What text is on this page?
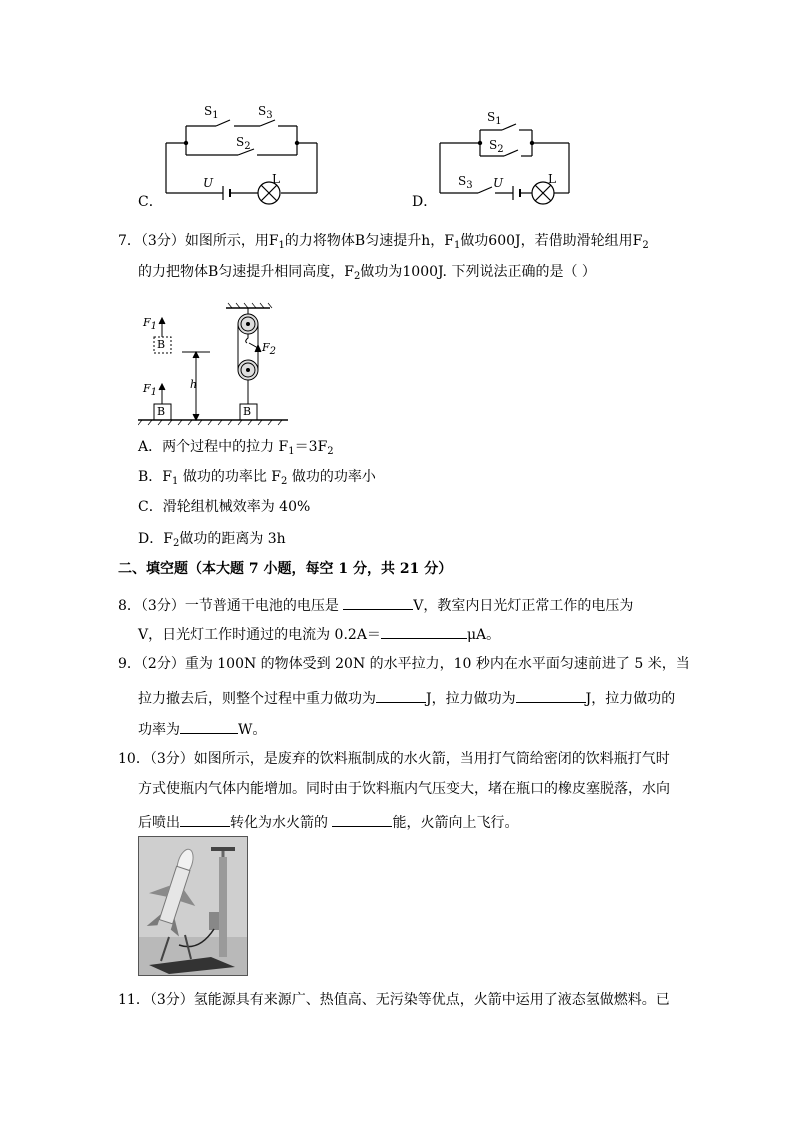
$S_1$	$S_3$
$S_2$
U	L
C．
$S_1$
$S_2$
$S_3$ U	L
D．
7．（3分）如图所示，用$F_1$的力将物体B匀速提升h，$F_1$做功600J，若借助滑轮组用$F_2$
的力把物体B匀速提升相同高度，$F_2$做功为1000J. 下列说法正确的是（ ）
$F_1$
B
$F_1$
B
h
$F_2$
B
A．两个过程中的拉力 $F_1=3F_2$
B．$F_1$ 做功的功率比 $F_2$ 做功的功率小
C．滑轮组机械效率为 40%
D．$F_2$做功的距离为 3h
二、填空题（本大题 7 小题，每空 1 分，共 21 分）
8．（3分）一节普通干电池的电压是	V，教室内日光灯正常工作的电压为
V，日光灯工作时通过的电流为 0.2A＝	μA。
9．（2分）重为 100N 的物体受到 20N 的水平拉力，10 秒内在水平面匀速前进了 5 米，当
拉力撤去后，则整个过程中重力做功为	J，拉力做功为	J，拉力做功的
功率为	W。
10．（3分）如图所示，是废弃的饮料瓶制成的水火箭，当用打气筒给密闭的饮料瓶打气时
方式使瓶内气体内能增加。同时由于饮料瓶内气压变大，堵在瓶口的橡皮塞脱落，水向
后喷出	转化为水火箭的	能，火箭向上飞行。
11．（3分）氢能源具有来源广、热值高、无污染等优点，火箭中运用了液态氢做燃料。已
